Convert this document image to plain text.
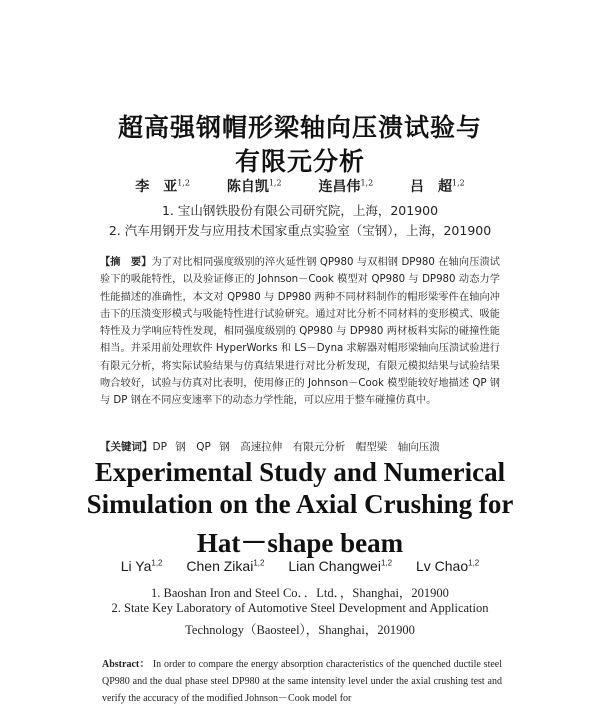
超高强钢帽形梁轴向压溃试验与
有限元分析
李　亚$^{1,2}$	陈自凯$^{1,2}$	连昌伟$^{1,2}$	吕　超$^{1,2}$
1. 宝山钢铁股份有限公司研究院，上海，201900
2. 汽车用钢开发与应用技术国家重点实验室（宝钢），上海，201900
【摘　要】为了对比相同强度级别的淬火延性钢 QP980 与双相钢 DP980 在轴向压溃试验下的吸能特性，以及验证修正的 Johnson－Cook 模型对 QP980 与 DP980 动态力学性能描述的准确性，本文对 QP980 与 DP980 两种不同材料制作的帽形梁零件在轴向冲击下的压溃变形模式与吸能特性进行试验研究。通过对比分析不同材料的变形模式、吸能特性及力学响应特性发现，相同强度级别的 QP980 与 DP980 两材板料实际的碰撞性能相当。并采用前处理软件 HyperWorks 和 LS－Dyna 求解器对帽形梁轴向压溃试验进行有限元分析，将实际试验结果与仿真结果进行对比分析发现，有限元模拟结果与试验结果吻合较好，试验与仿真对比表明，使用修正的 Johnson－Cook 模型能较好地描述 QP 钢与 DP 钢在不同应变速率下的动态力学性能，可以应用于整车碰撞仿真中。
【关键词】DP 钢　QP 钢　高速拉伸　有限元分析　帽型梁　轴向压溃
Experimental Study and Numerical
Simulation on the Axial Crushing for
Hat－shape beam
Li Ya$^{1,2}$ Chen Zikai$^{1,2}$ Lian Changwei$^{1,2}$ Lv Chao$^{1,2}$
1. Baoshan Iron and Steel Co．．Ltd．，Shanghai，201900
2. State Key Laboratory of Automotive Steel Development and Application
Technology（Baosteel），Shanghai，201900
Abstract： In order to compare the energy absorption characteristics of the quenched ductile steel QP980 and the dual phase steel DP980 at the same intensity level under the axial crushing test and verify the accuracy of the modified Johnson－Cook model for
